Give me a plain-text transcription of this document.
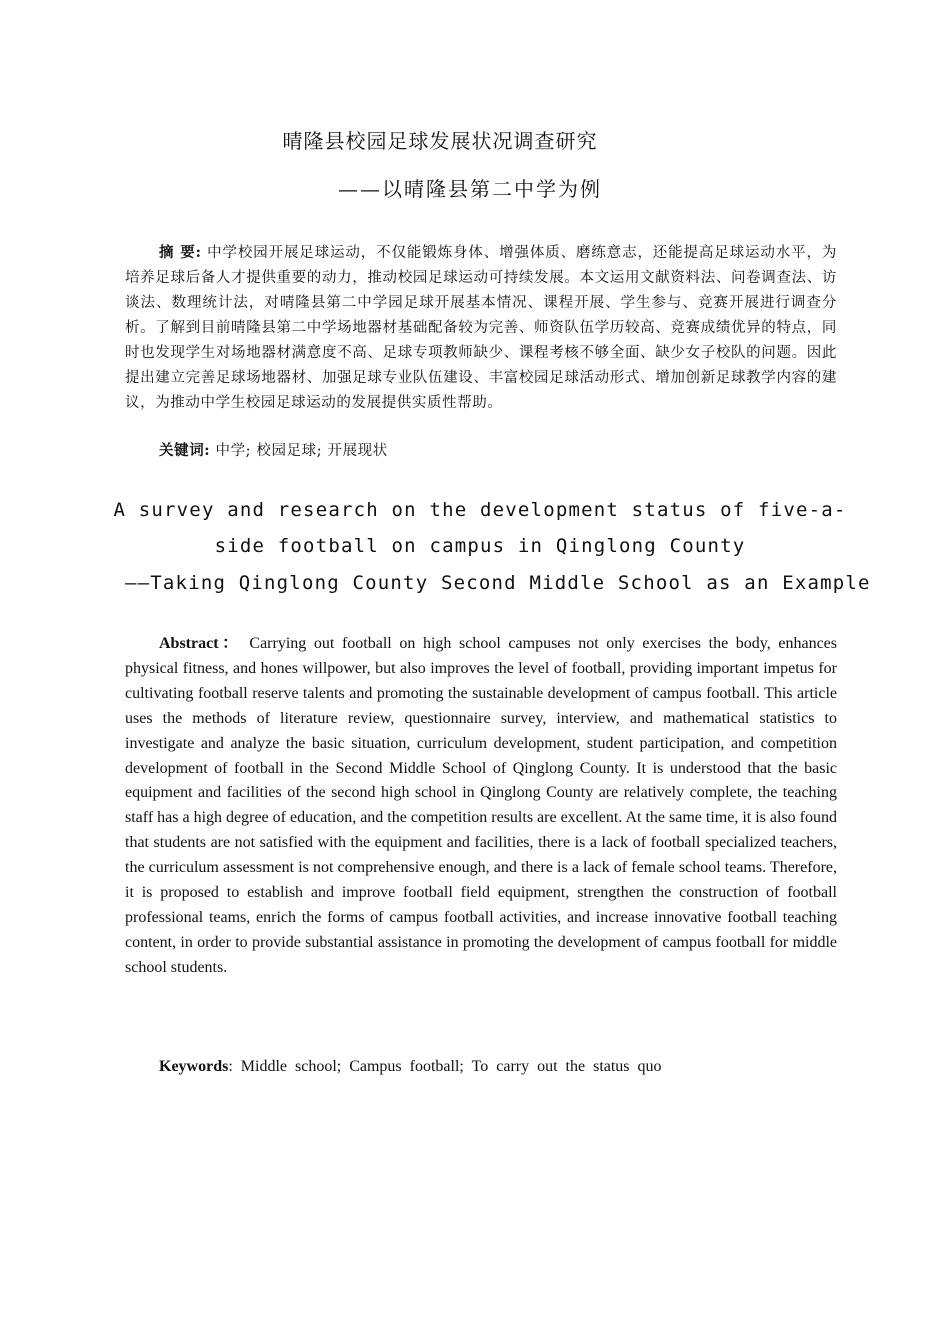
晴隆县校园足球发展状况调查研究
——以晴隆县第二中学为例
摘 要: 中学校园开展足球运动，不仅能锻炼身体、增强体质、磨练意志，还能提高足球运动水平，为培养足球后备人才提供重要的动力，推动校园足球运动可持续发展。本文运用文献资料法、问卷调查法、访谈法、数理统计法，对晴隆县第二中学园足球开展基本情况、课程开展、学生参与、竞赛开展进行调查分析。了解到目前晴隆县第二中学场地器材基础配备较为完善、师资队伍学历较高、竞赛成绩优异的特点，同时也发现学生对场地器材满意度不高、足球专项教师缺少、课程考核不够全面、缺少女子校队的问题。因此提出建立完善足球场地器材、加强足球专业队伍建设、丰富校园足球活动形式、增加创新足球教学内容的建议，为推动中学生校园足球运动的发展提供实质性帮助。
关键词: 中学; 校园足球; 开展现状
A survey and research on the development status of five-a-side football on campus in Qinglong County
——Taking Qinglong County Second Middle School as an Example
Abstract： Carrying out football on high school campuses not only exercises the body, enhances physical fitness, and hones willpower, but also improves the level of football, providing important impetus for cultivating football reserve talents and promoting the sustainable development of campus football. This article uses the methods of literature review, questionnaire survey, interview, and mathematical statistics to investigate and analyze the basic situation, curriculum development, student participation, and competition development of football in the Second Middle School of Qinglong County. It is understood that the basic equipment and facilities of the second high school in Qinglong County are relatively complete, the teaching staff has a high degree of education, and the competition results are excellent. At the same time, it is also found that students are not satisfied with the equipment and facilities, there is a lack of football specialized teachers, the curriculum assessment is not comprehensive enough, and there is a lack of female school teams. Therefore, it is proposed to establish and improve football field equipment, strengthen the construction of football professional teams, enrich the forms of campus football activities, and increase innovative football teaching content, in order to provide substantial assistance in promoting the development of campus football for middle school students.
Keywords: Middle school; Campus football; To carry out the status quo
